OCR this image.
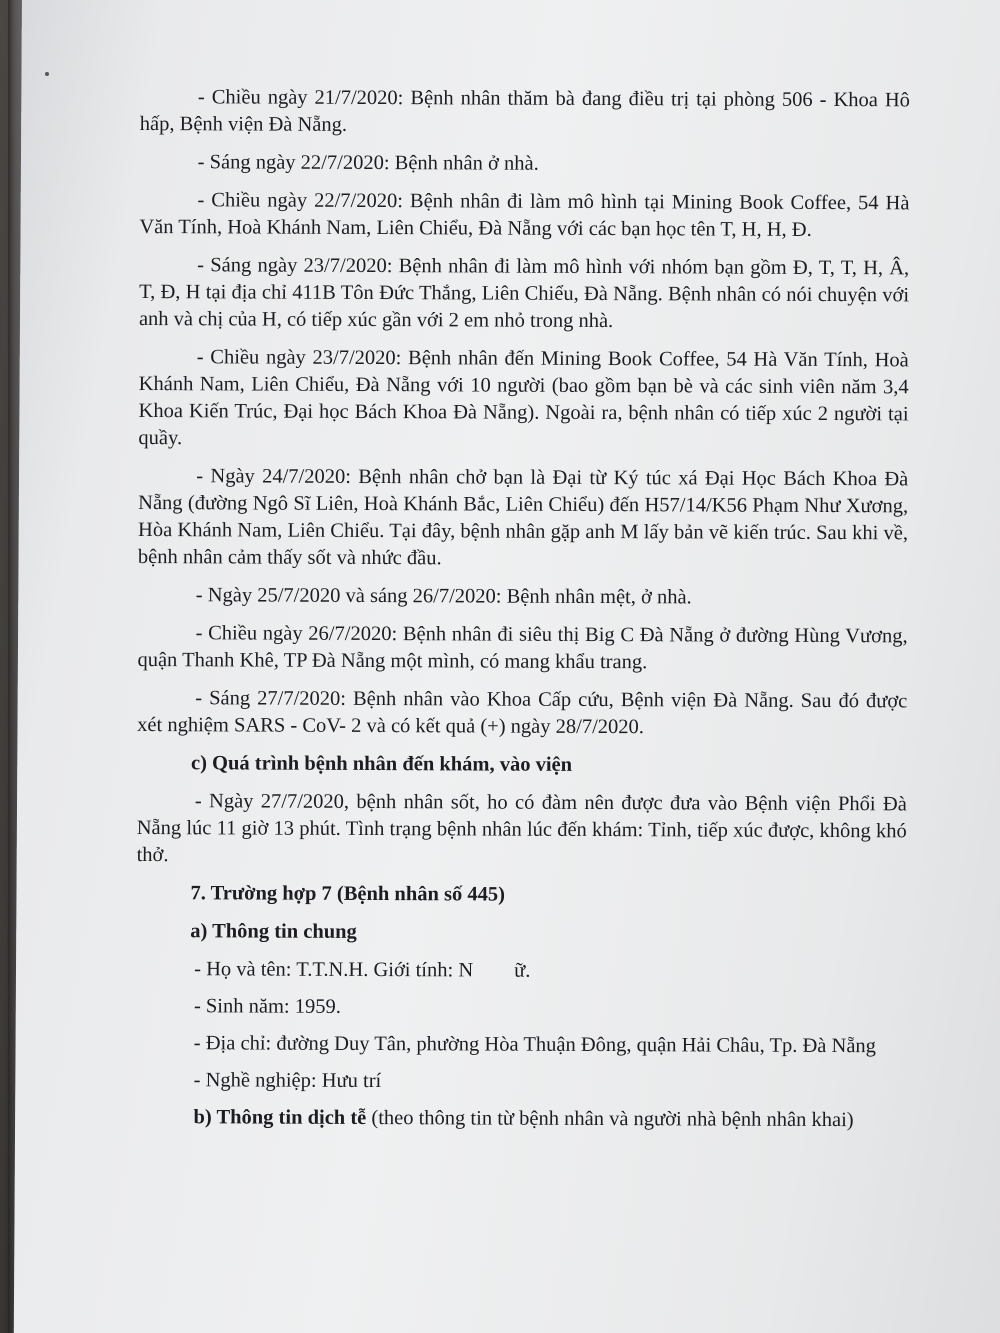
- Chiều ngày 21/7/2020: Bệnh nhân thăm bà đang điều trị tại phòng 506 - Khoa Hô hấp, Bệnh viện Đà Nẵng.

- Sáng ngày 22/7/2020: Bệnh nhân ở nhà.

- Chiều ngày 22/7/2020: Bệnh nhân đi làm mô hình tại Mining Book Coffee, 54 Hà Văn Tính, Hoà Khánh Nam, Liên Chiểu, Đà Nẵng với các bạn học tên T, H, H, Đ.

- Sáng ngày 23/7/2020: Bệnh nhân đi làm mô hình với nhóm bạn gồm Đ, T, T, H, Â, T, Đ, H tại địa chỉ 411B Tôn Đức Thắng, Liên Chiểu, Đà Nẵng. Bệnh nhân có nói chuyện với anh và chị của H, có tiếp xúc gần với 2 em nhỏ trong nhà.

- Chiều ngày 23/7/2020: Bệnh nhân đến Mining Book Coffee, 54 Hà Văn Tính, Hoà Khánh Nam, Liên Chiểu, Đà Nẵng với 10 người (bao gồm bạn bè và các sinh viên năm 3,4 Khoa Kiến Trúc, Đại học Bách Khoa Đà Nẵng). Ngoài ra, bệnh nhân có tiếp xúc 2 người tại quầy.

- Ngày 24/7/2020: Bệnh nhân chở bạn là Đại từ Ký túc xá Đại Học Bách Khoa Đà Nẵng (đường Ngô Sĩ Liên, Hoà Khánh Bắc, Liên Chiểu) đến H57/14/K56 Phạm Như Xương, Hòa Khánh Nam, Liên Chiểu. Tại đây, bệnh nhân gặp anh M lấy bản vẽ kiến trúc. Sau khi về, bệnh nhân cảm thấy sốt và nhức đầu.

- Ngày 25/7/2020 và sáng 26/7/2020: Bệnh nhân mệt, ở nhà.

- Chiều ngày 26/7/2020: Bệnh nhân đi siêu thị Big C Đà Nẵng ở đường Hùng Vương, quận Thanh Khê, TP Đà Nẵng một mình, có mang khẩu trang.

- Sáng 27/7/2020: Bệnh nhân vào Khoa Cấp cứu, Bệnh viện Đà Nẵng. Sau đó được xét nghiệm SARS - CoV- 2 và có kết quả (+) ngày 28/7/2020.

c) Quá trình bệnh nhân đến khám, vào viện

- Ngày 27/7/2020, bệnh nhân sốt, ho có đàm nên được đưa vào Bệnh viện Phổi Đà Nẵng lúc 11 giờ 13 phút. Tình trạng bệnh nhân lúc đến khám: Tỉnh, tiếp xúc được, không khó thở.

7. Trường hợp 7 (Bệnh nhân số 445)

a) Thông tin chung

- Họ và tên: T.T.N.H. Giới tính: N        ữ.

- Sinh năm: 1959.

- Địa chỉ: đường Duy Tân, phường Hòa Thuận Đông, quận Hải Châu, Tp. Đà Nẵng

- Nghề nghiệp: Hưu trí

b) Thông tin dịch tễ (theo thông tin từ bệnh nhân và người nhà bệnh nhân khai)
